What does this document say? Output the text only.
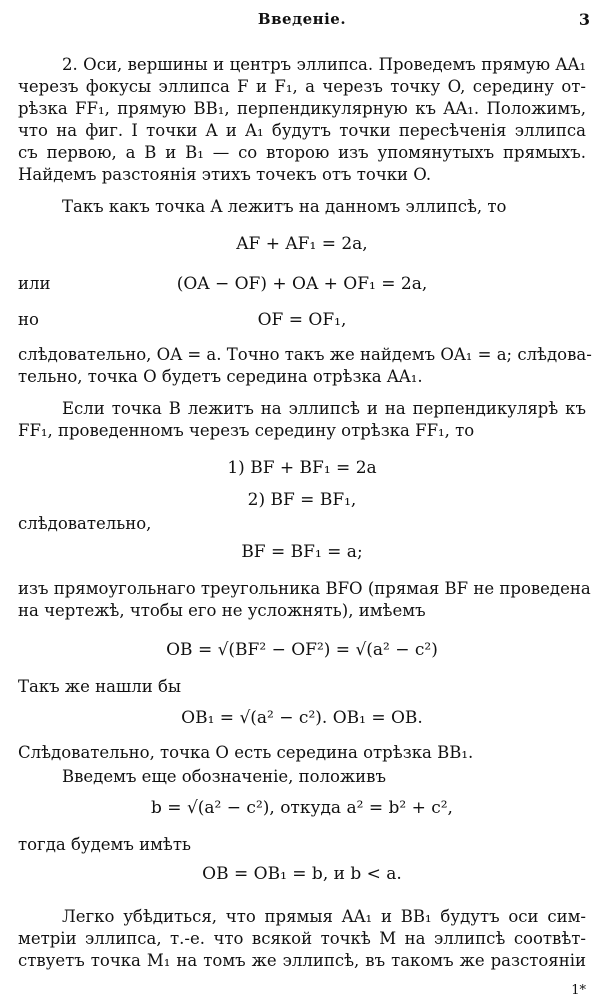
Введеніе.	3
2. Оси, вершины и центръ эллипса. Проведемъ прямую AA₁
черезъ фокусы эллипса F и F₁, а черезъ точку O, середину от-
рѣзка FF₁, прямую BB₁, перпендикулярную къ AA₁. Положимъ,
что на фиг. I точки A и A₁ будутъ точки пересѣченія эллипса
съ первою, а B и B₁ — со второю изъ упомянутыхъ прямыхъ.
Найдемъ разстоянія этихъ точекъ отъ точки O.
Такъ какъ точка A лежитъ на данномъ эллипсѣ, то
AF + AF₁ = 2a,
или	(OA − OF) + OA + OF₁ = 2a,
но	OF = OF₁,
слѣдовательно, OA = a. Точно такъ же найдемъ OA₁ = a; слѣдова-
тельно, точка O будетъ середина отрѣзка AA₁.
Если точка B лежитъ на эллипсѣ и на перпендикулярѣ къ
FF₁, проведенномъ черезъ середину отрѣзка FF₁, то
1) BF + BF₁ = 2a
2) BF = BF₁,
слѣдовательно,
BF = BF₁ = a;
изъ прямоугольнаго треугольника BFO (прямая BF не проведена
на чертежѣ, чтобы его не усложнять), имѣемъ
OB = √(BF² − OF²) = √(a² − c²)
Такъ же нашли бы
OB₁ = √(a² − c²). OB₁ = OB.
Слѣдовательно, точка O есть середина отрѣзка BB₁.
Введемъ еще обозначеніе, положивъ
b = √(a² − c²), откуда a² = b² + c²,
тогда будемъ имѣть
OB = OB₁ = b, и b < a.
Легко убѣдиться, что прямыя AA₁ и BB₁ будутъ оси сим-
метріи эллипса, т.-е. что всякой точкѣ M на эллипсѣ соотвѣт-
ствуетъ точка M₁ на томъ же эллипсѣ, въ такомъ же разстояніи
1*
